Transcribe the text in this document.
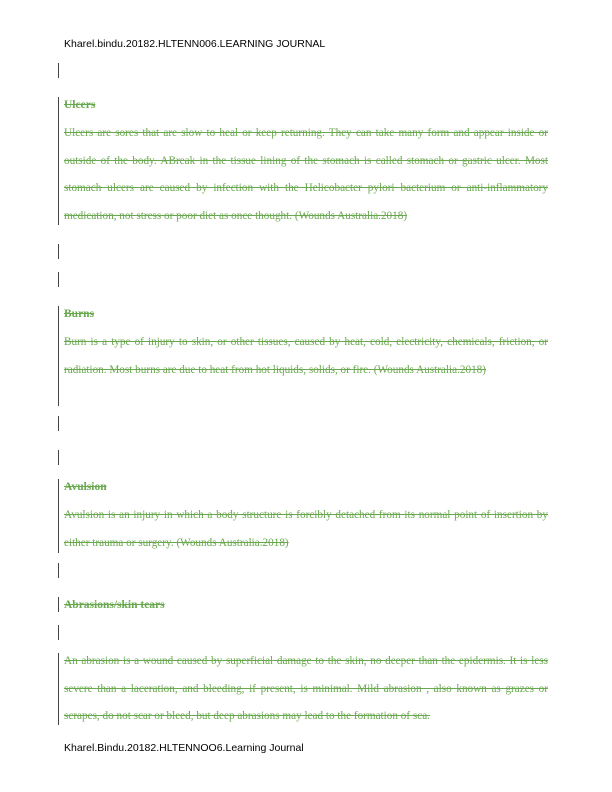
Kharel.bindu.20182.HLTENN006.LEARNING JOURNAL
Ulcers
Ulcers are sores that are slow to heal or keep returning. They can take many form and appear inside or outside of the body. ABreak in the tissue lining of the stomach is called stomach or gastric ulcer. Most stomach ulcers are caused by infection with the Helicobacter pylori bacterium or anti-inflammatory medication, not stress or poor diet as once thought. (Wounds Australia.2018)
Burns
Burn is a type of injury to skin, or other tissues, caused by heat, cold, electricity, chemicals, friction, or radiation. Most burns are due to heat from hot liquids, solids, or fire. (Wounds Australia.2018)
Avulsion
Avulsion is an injury in which a body structure is forcibly detached from its normal point of insertion by either trauma or surgery. (Wounds Australia.2018)
Abrasions/skin tears
An abrasion is a wound caused by superficial damage to the skin, no deeper than the epidermis. It is less severe than a laceration, and bleeding, if present, is minimal. Mild abrasion , also known as grazes or scrapes, do not scar or bleed, but deep abrasions may lead to the formation of sca.
Kharel.Bindu.20182.HLTENNOO6.Learning Journal
